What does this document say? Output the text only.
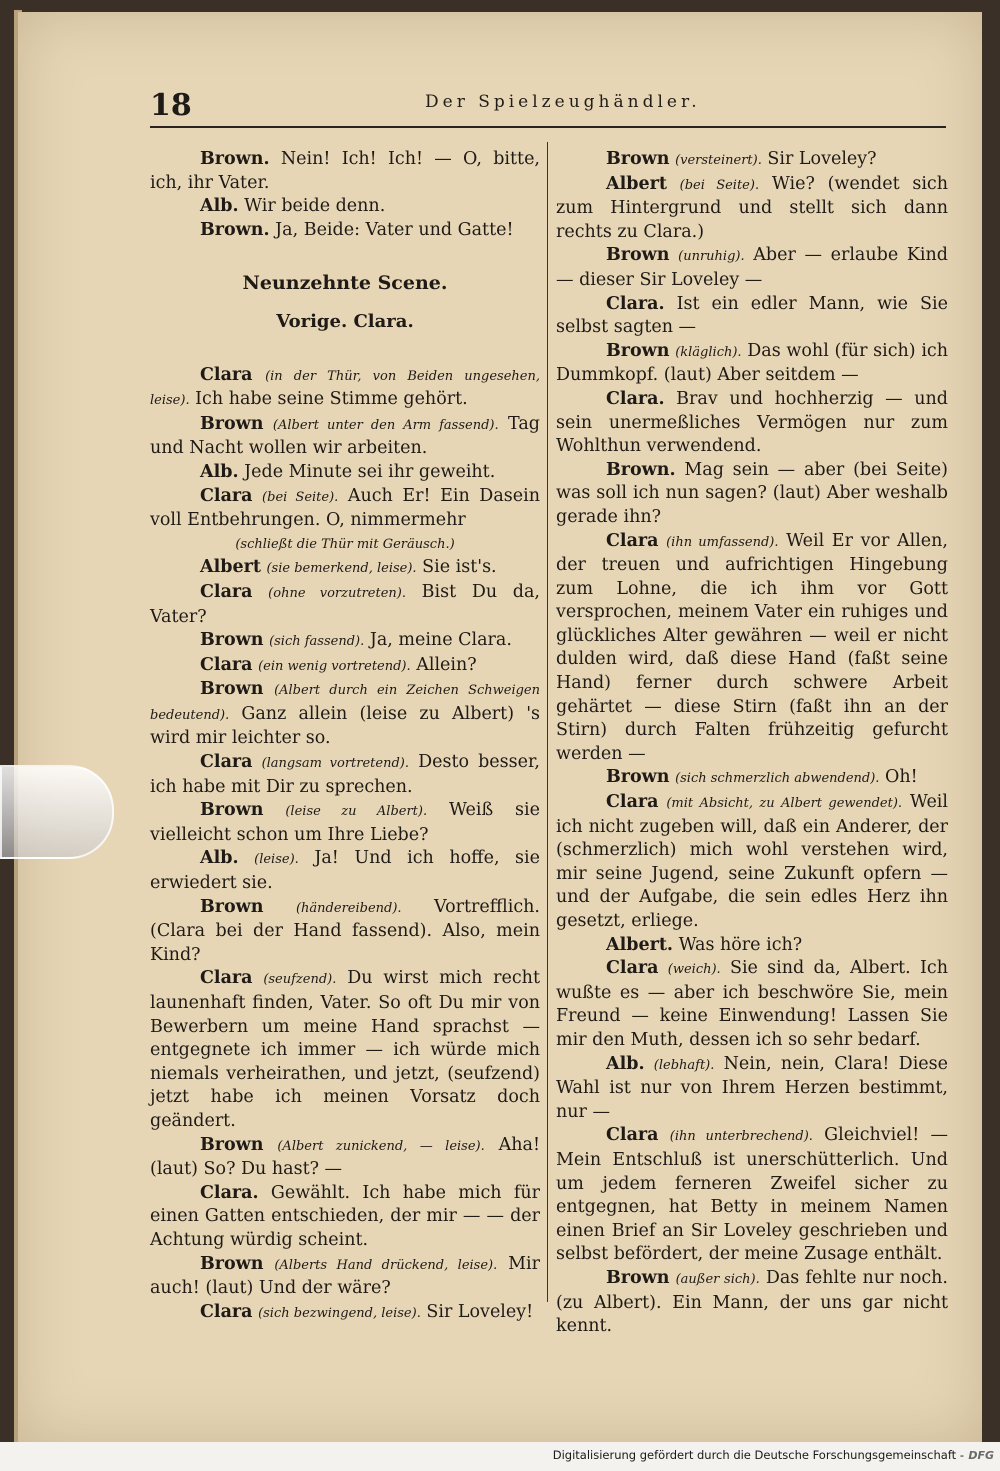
18	Der Spielzeughändler.

Brown. Nein! Ich! Ich! — O, bitte, ich, ihr Vater.

Alb. Wir beide denn.

Brown. Ja, Beide: Vater und Gatte!

Neunzehnte Scene.
Vorige. Clara.

Clara (in der Thür, von Beiden ungesehen, leise). Ich habe seine Stimme gehört.

Brown (Albert unter den Arm fassend). Tag und Nacht wollen wir arbeiten.

Alb. Jede Minute sei ihr geweiht.

Clara (bei Seite). Auch Er! Ein Dasein voll Entbehrungen. O, nimmermehr

(schließt die Thür mit Geräusch.)

Albert (sie bemerkend, leise). Sie ist's.

Clara (ohne vorzutreten). Bist Du da, Vater?

Brown (sich fassend). Ja, meine Clara.

Clara (ein wenig vortretend). Allein?

Brown (Albert durch ein Zeichen Schweigen bedeutend). Ganz allein (leise zu Albert) 's wird mir leichter so.

Clara (langsam vortretend). Desto besser, ich habe mit Dir zu sprechen.

Brown (leise zu Albert). Weiß sie vielleicht schon um Ihre Liebe?

Alb. (leise). Ja! Und ich hoffe, sie erwiedert sie.

Brown	(händereibend). Vortrefflich. (Clara bei der Hand fassend). Also, mein Kind?

Clara (seufzend). Du wirst mich recht launenhaft finden, Vater. So oft Du mir von Bewerbern um meine Hand sprachst — entgegnete ich immer — ich würde mich niemals verheirathen, und jetzt, (seufzend) jetzt habe ich meinen Vorsatz doch geändert.

Brown (Albert zunickend, — leise). Aha! (laut) So? Du hast? —

Clara. Gewählt. Ich habe mich für einen Gatten entschieden, der mir — — der Achtung würdig scheint.

Brown (Alberts Hand drückend, leise). Mir auch! (laut) Und der wäre?

Clara (sich bezwingend, leise). Sir Loveley!

Brown (versteinert). Sir Loveley?

Albert (bei Seite). Wie? (wendet sich zum Hintergrund und stellt sich dann rechts zu Clara.)

Brown (unruhig). Aber — erlaube Kind — dieser Sir Loveley —

Clara. Ist ein edler Mann, wie Sie selbst sagten —

Brown (kläglich). Das wohl (für sich) ich Dummkopf. (laut) Aber seitdem —

Clara. Brav und hochherzig — und sein unermeßliches Vermögen nur zum Wohlthun verwendend.

Brown. Mag sein — aber (bei Seite) was soll ich nun sagen? (laut) Aber weshalb gerade ihn?

Clara (ihn umfassend). Weil Er vor Allen, der treuen und aufrichtigen Hingebung zum Lohne, die ich ihm vor Gott versprochen, meinem Vater ein ruhiges und glückliches Alter gewähren — weil er nicht dulden wird, daß diese Hand (faßt seine Hand) ferner durch schwere Arbeit gehärtet — diese Stirn (faßt ihn an der Stirn) durch Falten frühzeitig gefurcht werden —

Brown (sich schmerzlich abwendend). Oh!

Clara (mit Absicht, zu Albert gewendet). Weil ich nicht zugeben will, daß ein Anderer, der (schmerzlich) mich wohl verstehen wird, mir seine Jugend, seine Zukunft opfern — und der Aufgabe, die sein edles Herz ihn gesetzt, erliege.

Albert. Was höre ich?

Clara (weich). Sie sind da, Albert. Ich wußte es — aber ich beschwöre Sie, mein Freund — keine Einwendung! Lassen Sie mir den Muth, dessen ich so sehr bedarf.

Alb. (lebhaft). Nein, nein, Clara! Diese Wahl ist nur von Ihrem Herzen bestimmt, nur —

Clara (ihn unterbrechend). Gleichviel! — Mein Entschluß ist unerschütterlich. Und um jedem ferneren Zweifel sicher zu entgegnen, hat Betty in meinem Namen einen Brief an Sir Loveley geschrieben und selbst befördert, der meine Zusage enthält.

Brown (außer sich). Das fehlte nur noch. (zu Albert). Ein Mann, der uns gar nicht kennt.

Digitalisierung gefördert durch die Deutsche Forschungsgemeinschaft - DFG
